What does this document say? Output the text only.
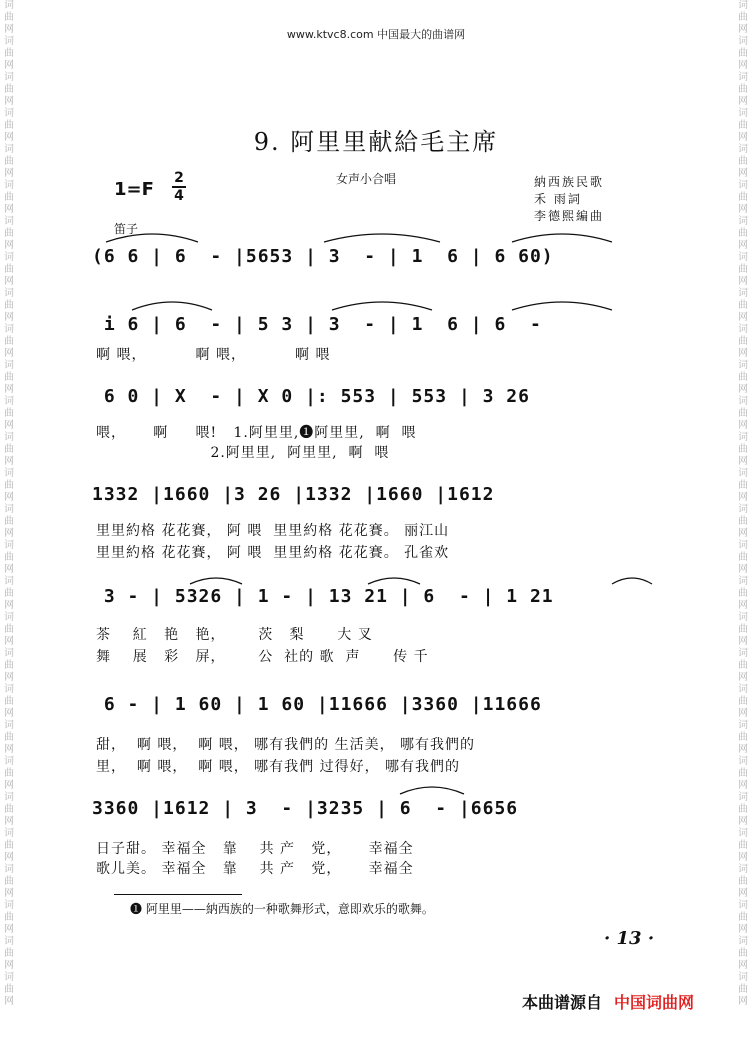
词曲网词曲网词曲网词曲网词曲网词曲网词曲网词曲网词曲网词曲网词曲网词曲网词曲网词曲网词曲网词曲网词曲网词曲网词曲网词曲网词曲网词曲网词曲网词曲网词曲网词曲网词曲网词曲网
词曲网词曲网词曲网词曲网词曲网词曲网词曲网词曲网词曲网词曲网词曲网词曲网词曲网词曲网词曲网词曲网词曲网词曲网词曲网词曲网词曲网词曲网词曲网词曲网词曲网词曲网词曲网词曲网
www.ktvc8.com 中国最大的曲谱网
9. 阿里里献給毛主席
1=F
2
4
女声小合唱	納西族民歌
禾 雨詞
李德熙編曲
笛子
(6 6 | 6  - |5653 | 3  - | 1  6 | 6 60)
i 6 | 6  - | 5 3 | 3  - | 1  6 | 6  -
啊 喂，         啊 喂，         啊 喂
6 0 | X  - | X 0 |: 553 | 553 | 3 26
喂，     啊     喂!   1.阿里里,❶阿里里,  啊  喂
2.阿里里,  阿里里,  啊  喂
1332 |1660 |3 26 |1332 |1660 |1612
里里約格 花花賽， 阿 喂  里里約格 花花賽。 丽江山
里里約格 花花賽， 阿 喂  里里約格 花花賽。 孔雀欢
3 - | 5326 | 1 - | 13 21 | 6  - | 1 21
茶    紅   艳   艳，      茨   梨      大 叉
舞    展   彩   屏，      公  社的 歌  声      传 千
6 - | 1 60 | 1 60 |11666 |3360 |11666
甜，  啊 喂，  啊 喂， 哪有我們的 生活美， 哪有我們的
里，  啊 喂，  啊 喂， 哪有我們 过得好， 哪有我們的
3360 |1612 | 3  - |3235 | 6  - |6656
日子甜。 幸福全   靠    共 产   党，     幸福全
歌儿美。 幸福全   靠    共 产   党，     幸福全
❶ 阿里里——納西族的一种歌舞形式，意即欢乐的歌舞。
· 13 ·
本曲谱源自 中国词曲网
